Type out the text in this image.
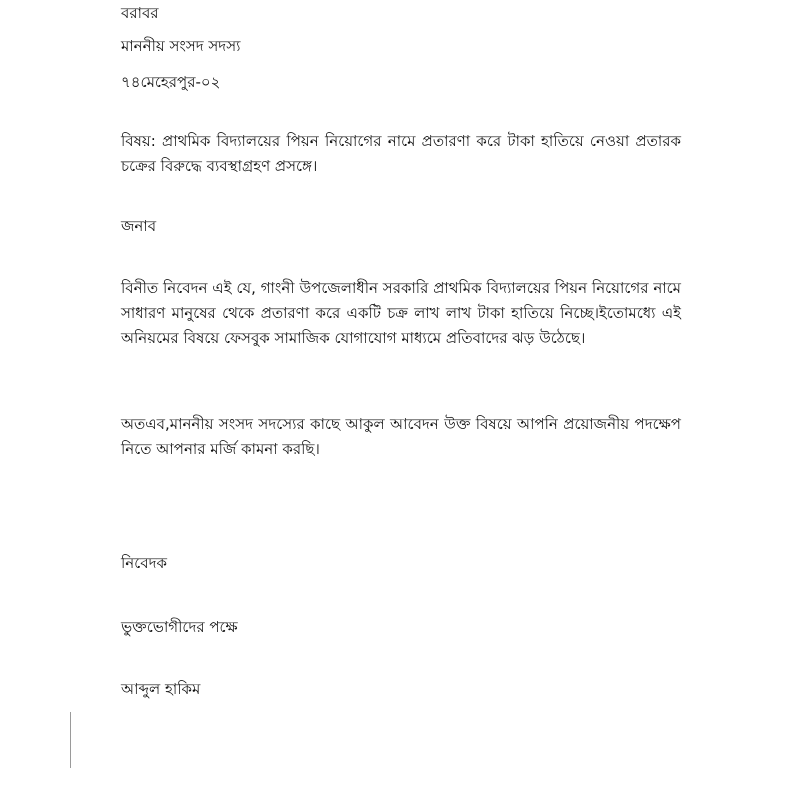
বরাবর
মাননীয় সংসদ সদস্য
৭৪মেহেরপুর-০২

বিষয়: প্রাথমিক বিদ্যালয়ের পিয়ন নিয়োগের নামে প্রতারণা করে টাকা হাতিয়ে নেওয়া প্রতারক চক্রের বিরুদ্ধে ব্যবস্থাগ্রহণ প্রসঙ্গে।

জনাব

বিনীত নিবেদন এই যে, গাংনী উপজেলাধীন সরকারি প্রাথমিক বিদ্যালয়ের পিয়ন নিয়োগের নামে সাধারণ মানুষের থেকে প্রতারণা করে একটি চক্র লাখ লাখ টাকা হাতিয়ে নিচ্ছে।ইতোমধ্যে এই অনিয়মের বিষয়ে ফেসবুক সামাজিক যোগাযোগ মাধ্যমে প্রতিবাদের ঝড় উঠেছে।

অতএব,মাননীয় সংসদ সদস্যের কাছে আকুল আবেদন উক্ত বিষয়ে আপনি প্রয়োজনীয় পদক্ষেপ নিতে আপনার মর্জি কামনা করছি।

নিবেদক
ভুক্তভোগীদের পক্ষে
আব্দুল হাকিম
